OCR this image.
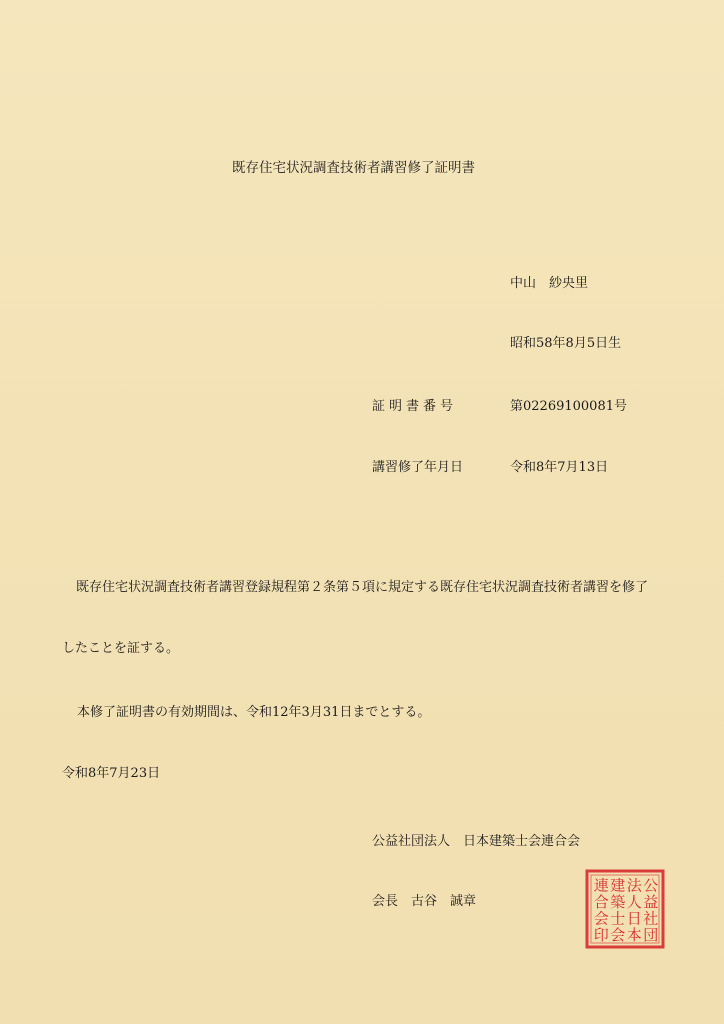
既存住宅状況調査技術者講習修了証明書
中山　紗央里
昭和58年8月5日生
証明書番号	第02269100081号
講習修了年月日	令和8年7月13日
既存住宅状況調査技術者講習登録規程第２条第５項に規定する既存住宅状況調査技術者講習を修了
したことを証する。
本修了証明書の有効期間は、令和12年3月31日までとする。
令和8年7月23日
公益社団法人　日本建築士会連合会
会長　古谷　誠章
公
益
社
団
法
人
日
本
建
築
士
会
連
合
会
印
